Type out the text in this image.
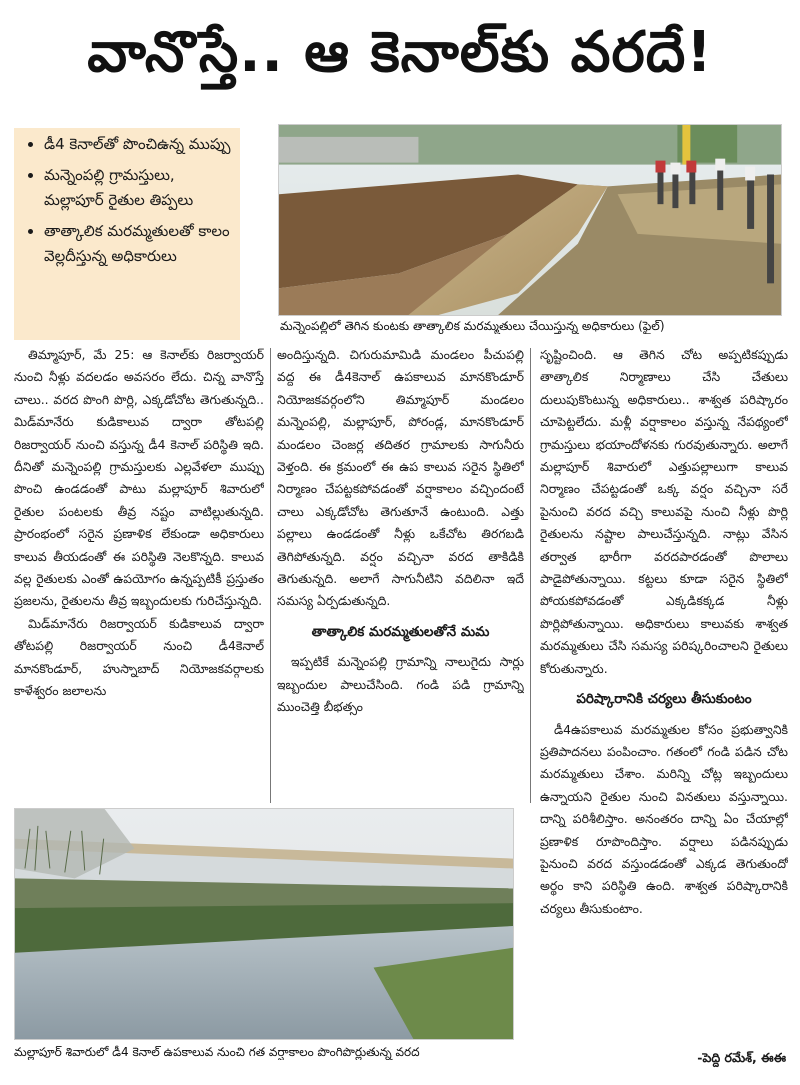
వానొస్తే.. ఆ కెనాల్‌కు వరదే!
• డీ4 కెనాల్‌తో పొంచిఉన్న ముప్పు
• మన్నెంపల్లి గ్రామస్తులు, మల్లాపూర్ రైతుల తిప్పలు
• తాత్కాలిక మరమ్మతులతో కాలం వెల్లదీస్తున్న అధికారులు
మన్నెంపల్లిలో తెగిన కుంటకు తాత్కాలిక మరమ్మతులు చేయిస్తున్న అధికారులు (ఫైల్)

తిమ్మాపూర్, మే 25: ఆ కెనాల్‌కు రిజర్వాయర్ నుంచి నీళ్లు వదలడం అవసరం లేదు. చిన్న వానొస్తే చాలు.. వరద పొంగి పొర్లి, ఎక్కడోచోట తెగుతున్నది.. మిడ్‌మానేరు కుడికాలువ ద్వారా తోటపల్లి రిజర్వాయర్ నుంచి వస్తున్న డీ4 కెనాల్ పరిస్థితి ఇది. దీనితో మన్నెంపల్లి గ్రామస్తులకు ఎల్లవేళలా ముప్పు పొంచి ఉండడంతో పాటు మల్లాపూర్ శివారులో రైతుల పంటలకు తీవ్ర నష్టం వాటిల్లుతున్నది. ప్రారంభంలో సరైన ప్రణాళిక లేకుండా అధికారులు కాలువ తీయడంతో ఈ పరిస్థితి నెలకొన్నది. కాలువ వల్ల రైతులకు ఎంతో ఉపయోగం ఉన్నప్పటికీ ప్రస్తుతం ప్రజలను, రైతులను తీవ్ర ఇబ్బందులకు గురిచేస్తున్నది.

మిడ్‌మానేరు రిజర్వాయర్ కుడికాలువ ద్వారా తోటపల్లి రిజర్వాయర్ నుంచి డీ4కెనాల్ మానకొండూర్, హుస్నాబాద్ నియోజకవర్గాలకు కాళేశ్వరం జలాలను

అందిస్తున్నది. చిగురుమామిడి మండలం పీచుపల్లి వద్ద ఈ డీ4కెనాల్ ఉపకాలువ మానకొండూర్ నియోజకవర్గంలోని తిమ్మాపూర్ మండలం మన్నెంపల్లి, మల్లాపూర్, పోరండ్ల, మానకొండూర్ మండలం చెంజర్ల తదితర గ్రామాలకు సాగునీరు వెళ్తంది. ఈ క్రమంలో ఈ ఉప కాలువ సరైన స్థితిలో నిర్మాణం చేపట్టకపోవడంతో వర్షాకాలం వచ్చిందంటే చాలు ఎక్కడోచోట తెగుతూనే ఉంటుంది. ఎత్తు పల్లాలు ఉండడంతో నీళ్లు ఒకేచోట తిరగబడి తెగిపోతున్నది. వర్షం వచ్చినా వరద తాకిడికి తెగుతున్నది. అలాగే సాగునీటిని వదిలినా ఇదే సమస్య ఏర్పడుతున్నది.

తాత్కాలిక మరమ్మతులతోనే మమ

ఇప్పటికే మన్నెంపల్లి గ్రామాన్ని నాలుగైదు సార్లు ఇబ్బందుల పాలుచేసింది. గండి పడి గ్రామాన్ని ముంచెత్తి బీభత్సం

సృష్టించింది. ఆ తెగిన చోట అప్పటికప్పుడు తాత్కాలిక నిర్మాణాలు చేసి చేతులు దులుపుకొంటున్న అధికారులు.. శాశ్వత పరిష్కారం చూపెట్టలేదు. మళ్లీ వర్షాకాలం వస్తున్న నేపథ్యంలో గ్రామస్తులు భయాందోళనకు గురవుతున్నారు. అలాగే మల్లాపూర్ శివారులో ఎత్తుపల్లాలుగా కాలువ నిర్మాణం చేపట్టడంతో ఒక్క వర్షం వచ్చినా సరే పైనుంచి వరద వచ్చి కాలువపై నుంచి నీళ్లు పొర్లి రైతులను నష్టాల పాలుచేస్తున్నది. నాట్లు వేసిన తర్వాత భారీగా వరదపారడంతో పొలాలు పాడైపోతున్నాయి. కట్టలు కూడా సరైన స్థితిలో పోయకపోవడంతో ఎక్కడికక్కడ నీళ్లు పొర్లిపోతున్నాయి. అధికారులు కాలువకు శాశ్వత మరమ్మతులు చేసి సమస్య పరిష్కరించాలని రైతులు కోరుతున్నారు.

పరిష్కారానికి చర్యలు తీసుకుంటం

డీ4ఉపకాలువ మరమ్మతుల కోసం ప్రభుత్వానికి ప్రతిపాదనలు పంపించాం. గతంలో గండి పడిన చోట మరమ్మతులు చేశాం. మరిన్ని చోట్ల ఇబ్బందులు ఉన్నాయని రైతుల నుంచి వినతులు వస్తున్నాయి. దాన్ని పరిశీలిస్తాం. అనంతరం దాన్ని ఏం చేయాల్లో ప్రణాళిక రూపొందిస్తాం. వర్షాలు పడినప్పుడు పైనుంచి వరద వస్తుండడంతో ఎక్కడ తెగుతుందో అర్థం కాని పరిస్థితి ఉంది. శాశ్వత పరిష్కారానికి చర్యలు తీసుకుంటాం.

మల్లాపూర్ శివారులో డీ4 కెనాల్ ఉపకాలువ నుంచి గత వర్షాకాలం పొంగిపొర్లుతున్న వరద	-పెద్ది రమేశ్, ఈఈ
